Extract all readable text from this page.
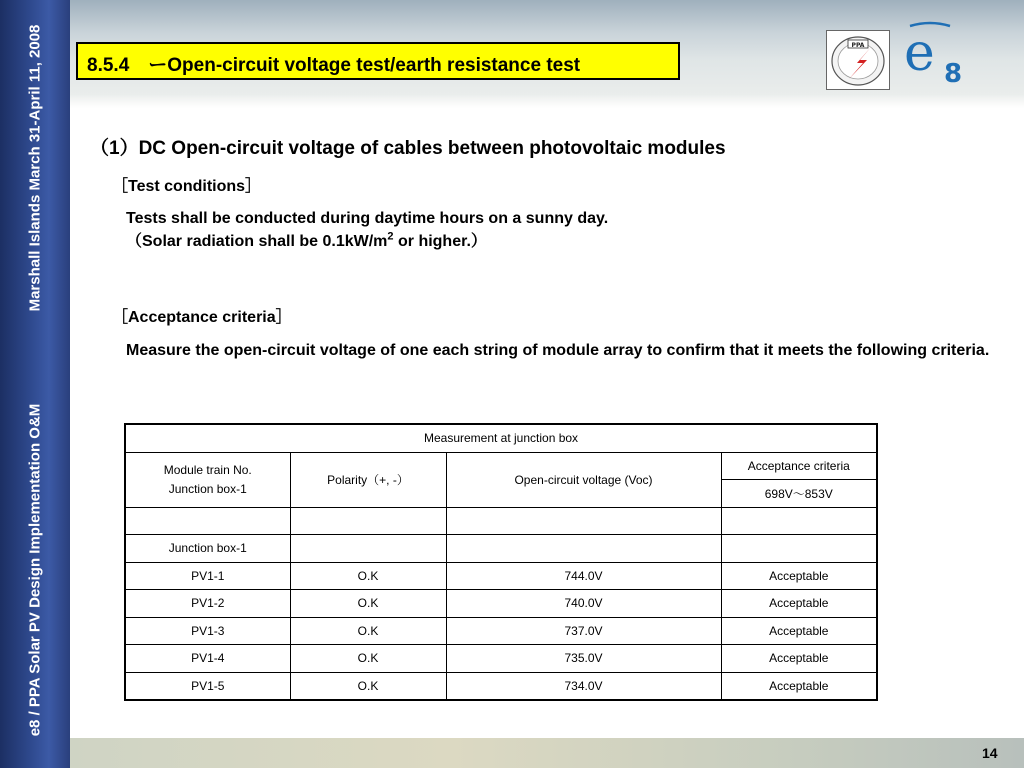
Marshall Islands March 31-April 11, 2008
e8 / PPA Solar PV Design Implementation O&M
8.5.4　ーOpen-circuit voltage test/earth resistance test
PPA e 8
（1）DC Open-circuit voltage of cables between photovoltaic modules
［Test conditions］
Tests shall be conducted during daytime hours on a sunny day.
（Solar radiation shall be $0.1kW/m^2$ or higher.）
［Acceptance criteria］
Measure the open-circuit voltage of one each string of module array to confirm that it meets the following criteria.
Measurement at junction box			

Module train No.
Junction box-1	Polarity（+, -）	Open-circuit voltage (Voc)	Acceptance criteria
			698V～853V

Junction box-1			
PV1-1	O.K	744.0V	Acceptable
PV1-2	O.K	740.0V	Acceptable
PV1-3	O.K	737.0V	Acceptable
PV1-4	O.K	735.0V	Acceptable
PV1-5	O.K	734.0V	Acceptable
14
